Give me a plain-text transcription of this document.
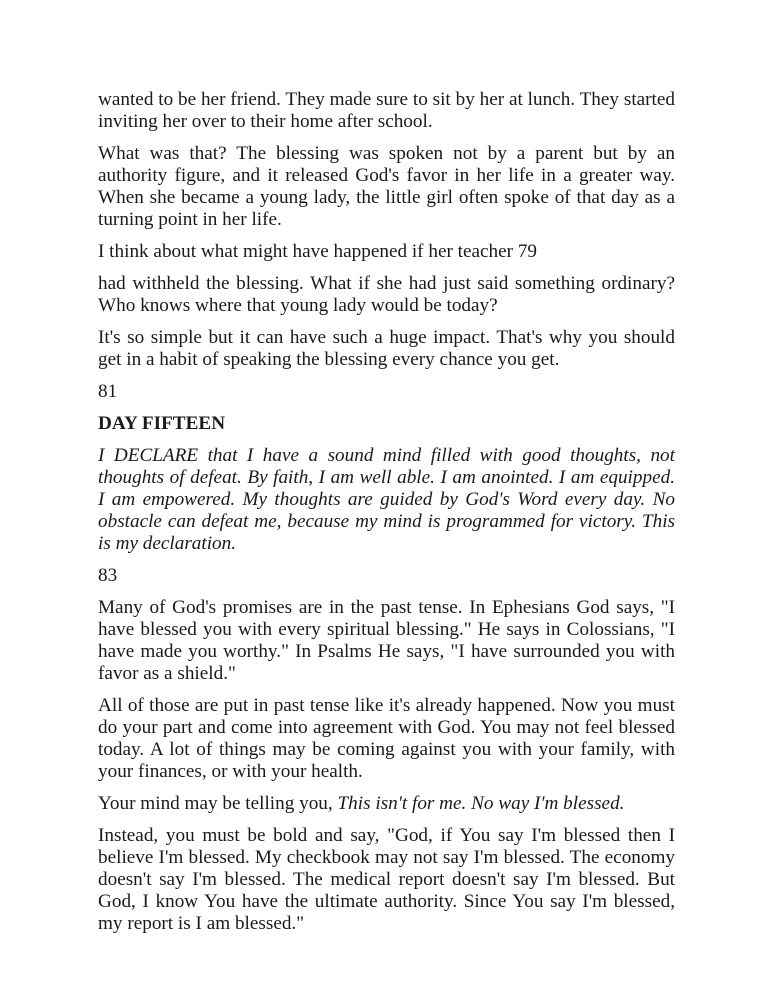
wanted to be her friend. They made sure to sit by her at lunch. They started inviting her over to their home after school.

What was that? The blessing was spoken not by a parent but by an authority figure, and it released God's favor in her life in a greater way. When she became a young lady, the little girl often spoke of that day as a turning point in her life.

I think about what might have happened if her teacher 79

had withheld the blessing. What if she had just said something ordinary? Who knows where that young lady would be today?

It's so simple but it can have such a huge impact. That's why you should get in a habit of speaking the blessing every chance you get.

81

DAY FIFTEEN

I DECLARE that I have a sound mind filled with good thoughts, not thoughts of defeat. By faith, I am well able. I am anointed. I am equipped. I am empowered. My thoughts are guided by God's Word every day. No obstacle can defeat me, because my mind is programmed for victory. This is my declaration.

83

Many of God's promises are in the past tense. In Ephesians God says, "I have blessed you with every spiritual blessing." He says in Colossians, "I have made you worthy." In Psalms He says, "I have surrounded you with favor as a shield."

All of those are put in past tense like it's already happened. Now you must do your part and come into agreement with God. You may not feel blessed today. A lot of things may be coming against you with your family, with your finances, or with your health.

Your mind may be telling you, This isn't for me. No way I'm blessed.

Instead, you must be bold and say, "God, if You say I'm blessed then I believe I'm blessed. My checkbook may not say I'm blessed. The economy doesn't say I'm blessed. The medical report doesn't say I'm blessed. But God, I know You have the ultimate authority. Since You say I'm blessed, my report is I am blessed."
